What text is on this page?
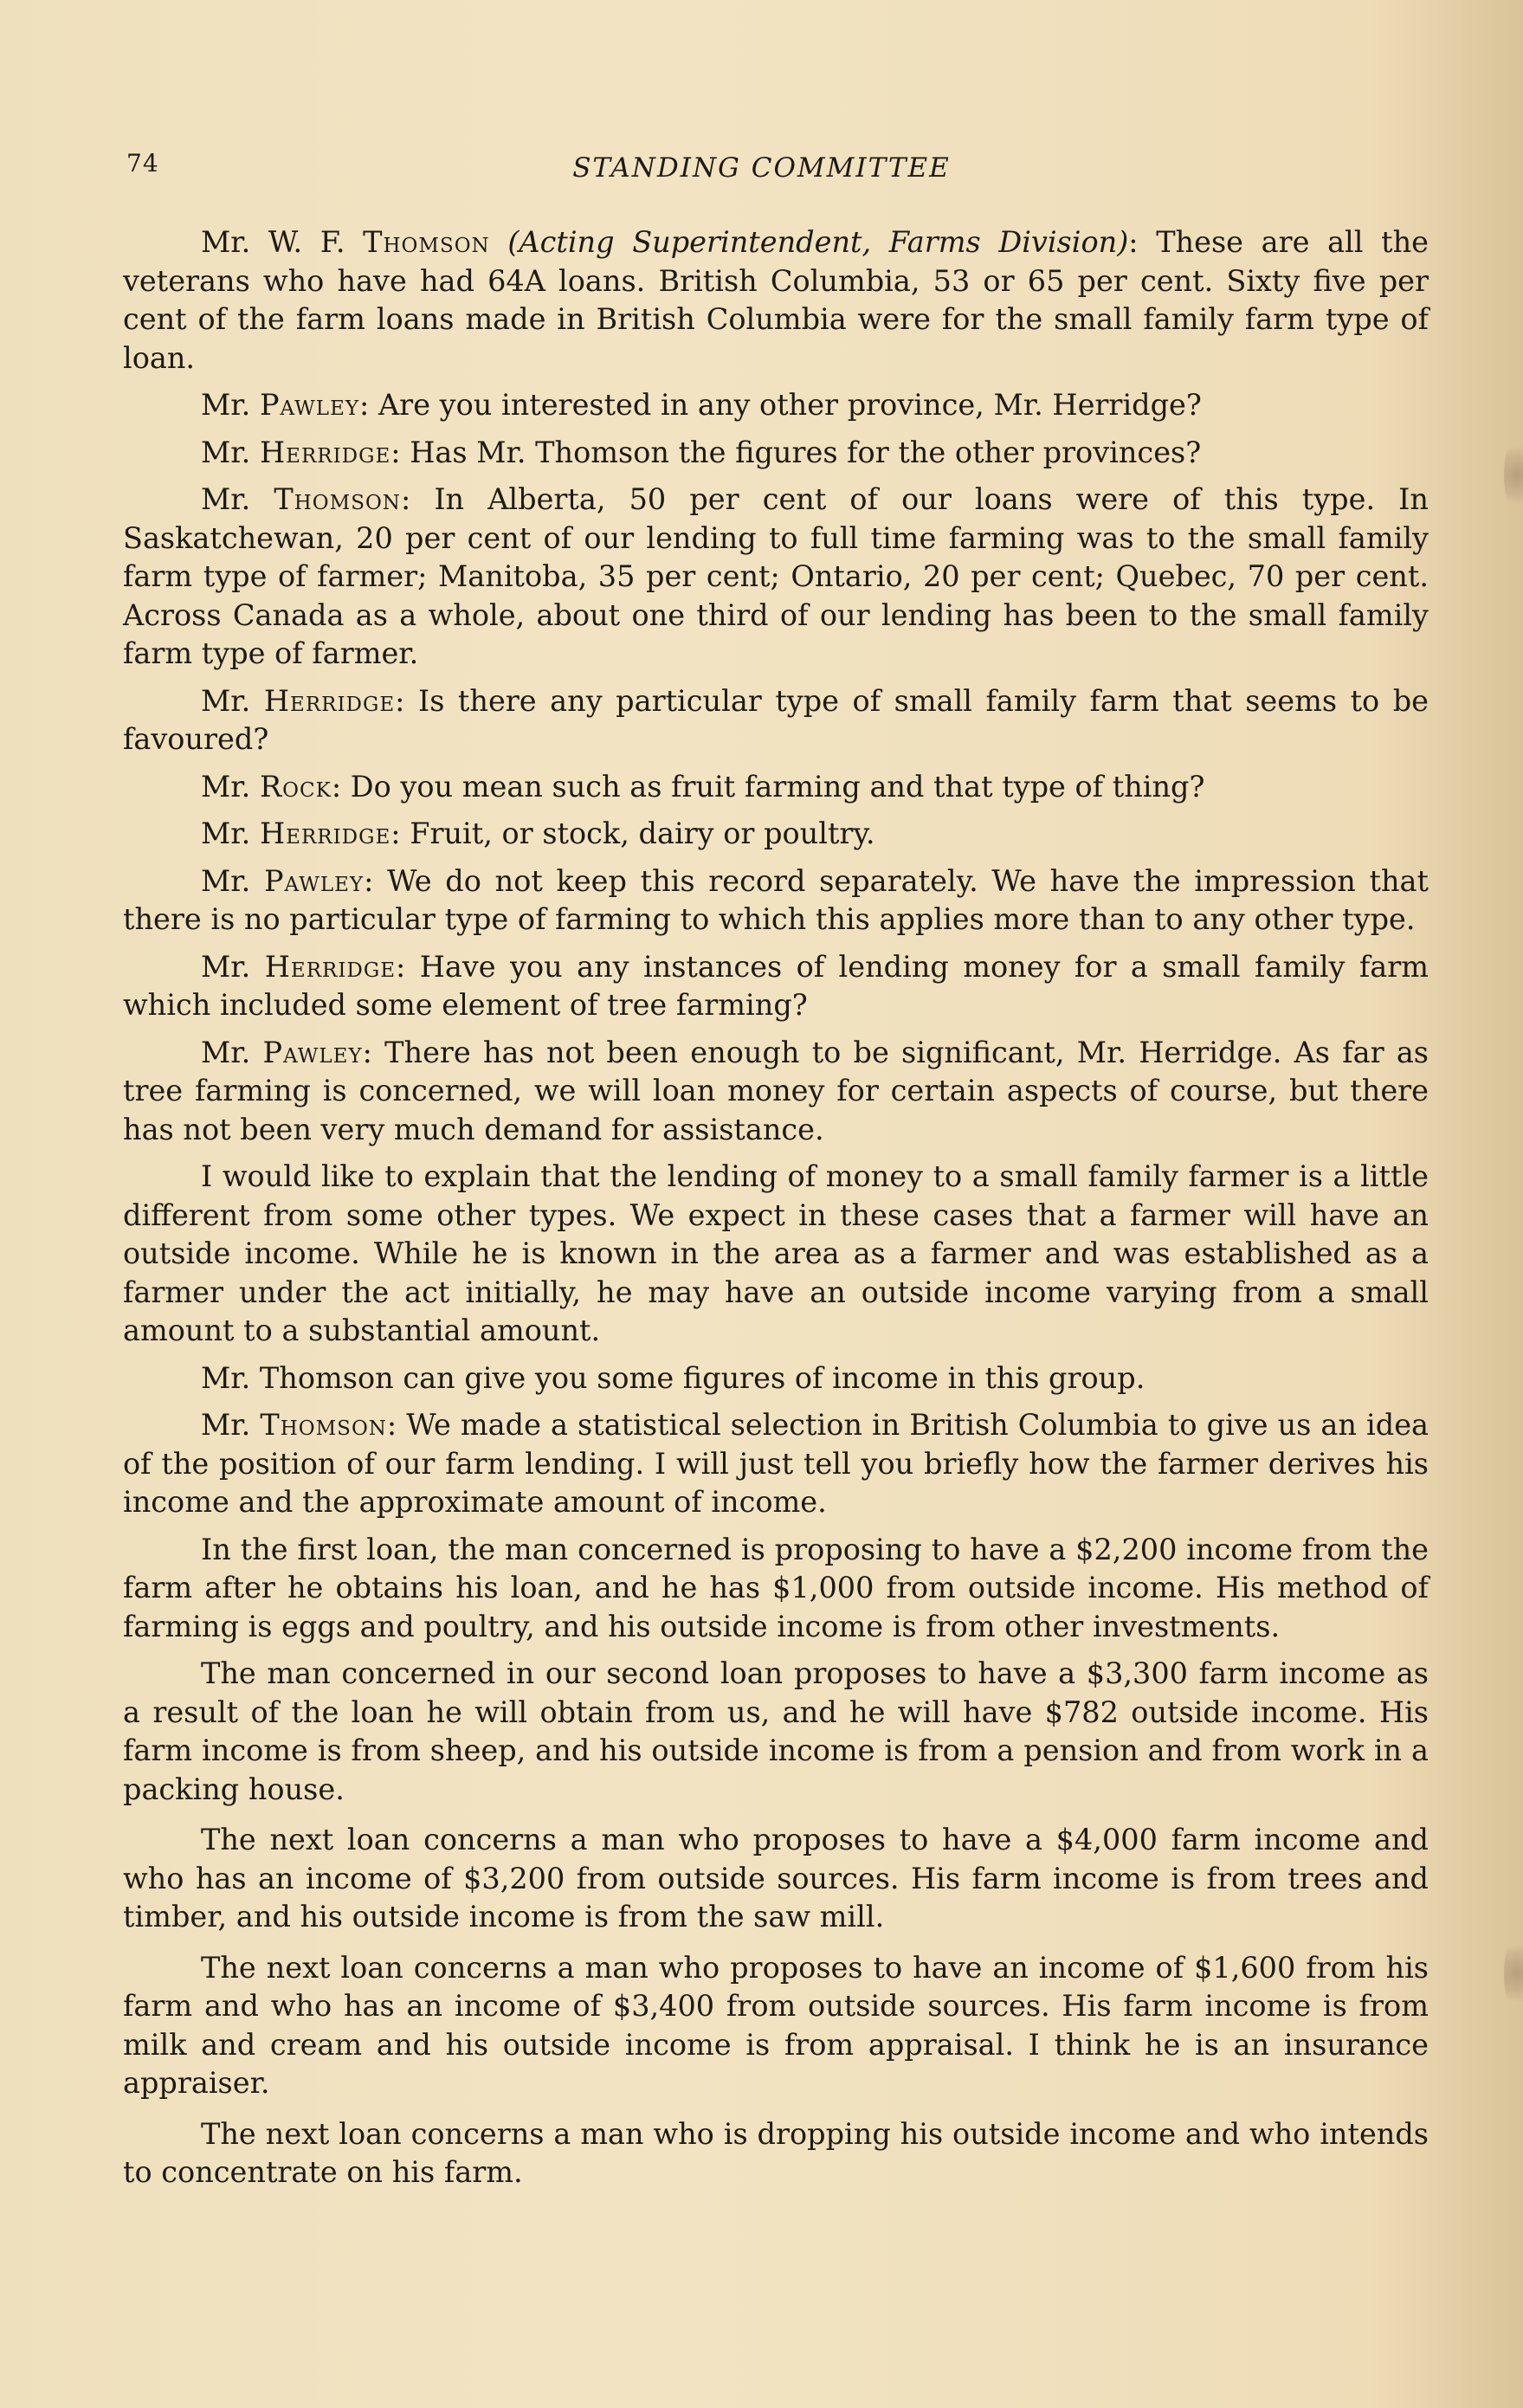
74	STANDING COMMITTEE

Mr. W. F. Thomson (Acting Superintendent, Farms Division): These are all the veterans who have had 64A loans. British Columbia, 53 or 65 per cent. Sixty five per cent of the farm loans made in British Columbia were for the small family farm type of loan.

Mr. Pawley: Are you interested in any other province, Mr. Herridge?

Mr. Herridge: Has Mr. Thomson the figures for the other provinces?

Mr. Thomson: In Alberta, 50 per cent of our loans were of this type. In Saskatchewan, 20 per cent of our lending to full time farming was to the small family farm type of farmer; Manitoba, 35 per cent; Ontario, 20 per cent; Quebec, 70 per cent. Across Canada as a whole, about one third of our lending has been to the small family farm type of farmer.

Mr. Herridge: Is there any particular type of small family farm that seems to be favoured?

Mr. Rock: Do you mean such as fruit farming and that type of thing?

Mr. Herridge: Fruit, or stock, dairy or poultry.

Mr. Pawley: We do not keep this record separately. We have the impression that there is no particular type of farming to which this applies more than to any other type.

Mr. Herridge: Have you any instances of lending money for a small family farm which included some element of tree farming?

Mr. Pawley: There has not been enough to be significant, Mr. Herridge. As far as tree farming is concerned, we will loan money for certain aspects of course, but there has not been very much demand for assistance.

I would like to explain that the lending of money to a small family farmer is a little different from some other types. We expect in these cases that a farmer will have an outside income. While he is known in the area as a farmer and was established as a farmer under the act initially, he may have an outside income varying from a small amount to a substantial amount.

Mr. Thomson can give you some figures of income in this group.

Mr. Thomson: We made a statistical selection in British Columbia to give us an idea of the position of our farm lending. I will just tell you briefly how the farmer derives his income and the approximate amount of income.

In the first loan, the man concerned is proposing to have a $2,200 income from the farm after he obtains his loan, and he has $1,000 from outside income. His method of farming is eggs and poultry, and his outside income is from other investments.

The man concerned in our second loan proposes to have a $3,300 farm income as a result of the loan he will obtain from us, and he will have $782 outside income. His farm income is from sheep, and his outside income is from a pension and from work in a packing house.

The next loan concerns a man who proposes to have a $4,000 farm income and who has an income of $3,200 from outside sources. His farm income is from trees and timber, and his outside income is from the saw mill.

The next loan concerns a man who proposes to have an income of $1,600 from his farm and who has an income of $3,400 from outside sources. His farm income is from milk and cream and his outside income is from appraisal. I think he is an insurance appraiser.

The next loan concerns a man who is dropping his outside income and who intends to concentrate on his farm.
